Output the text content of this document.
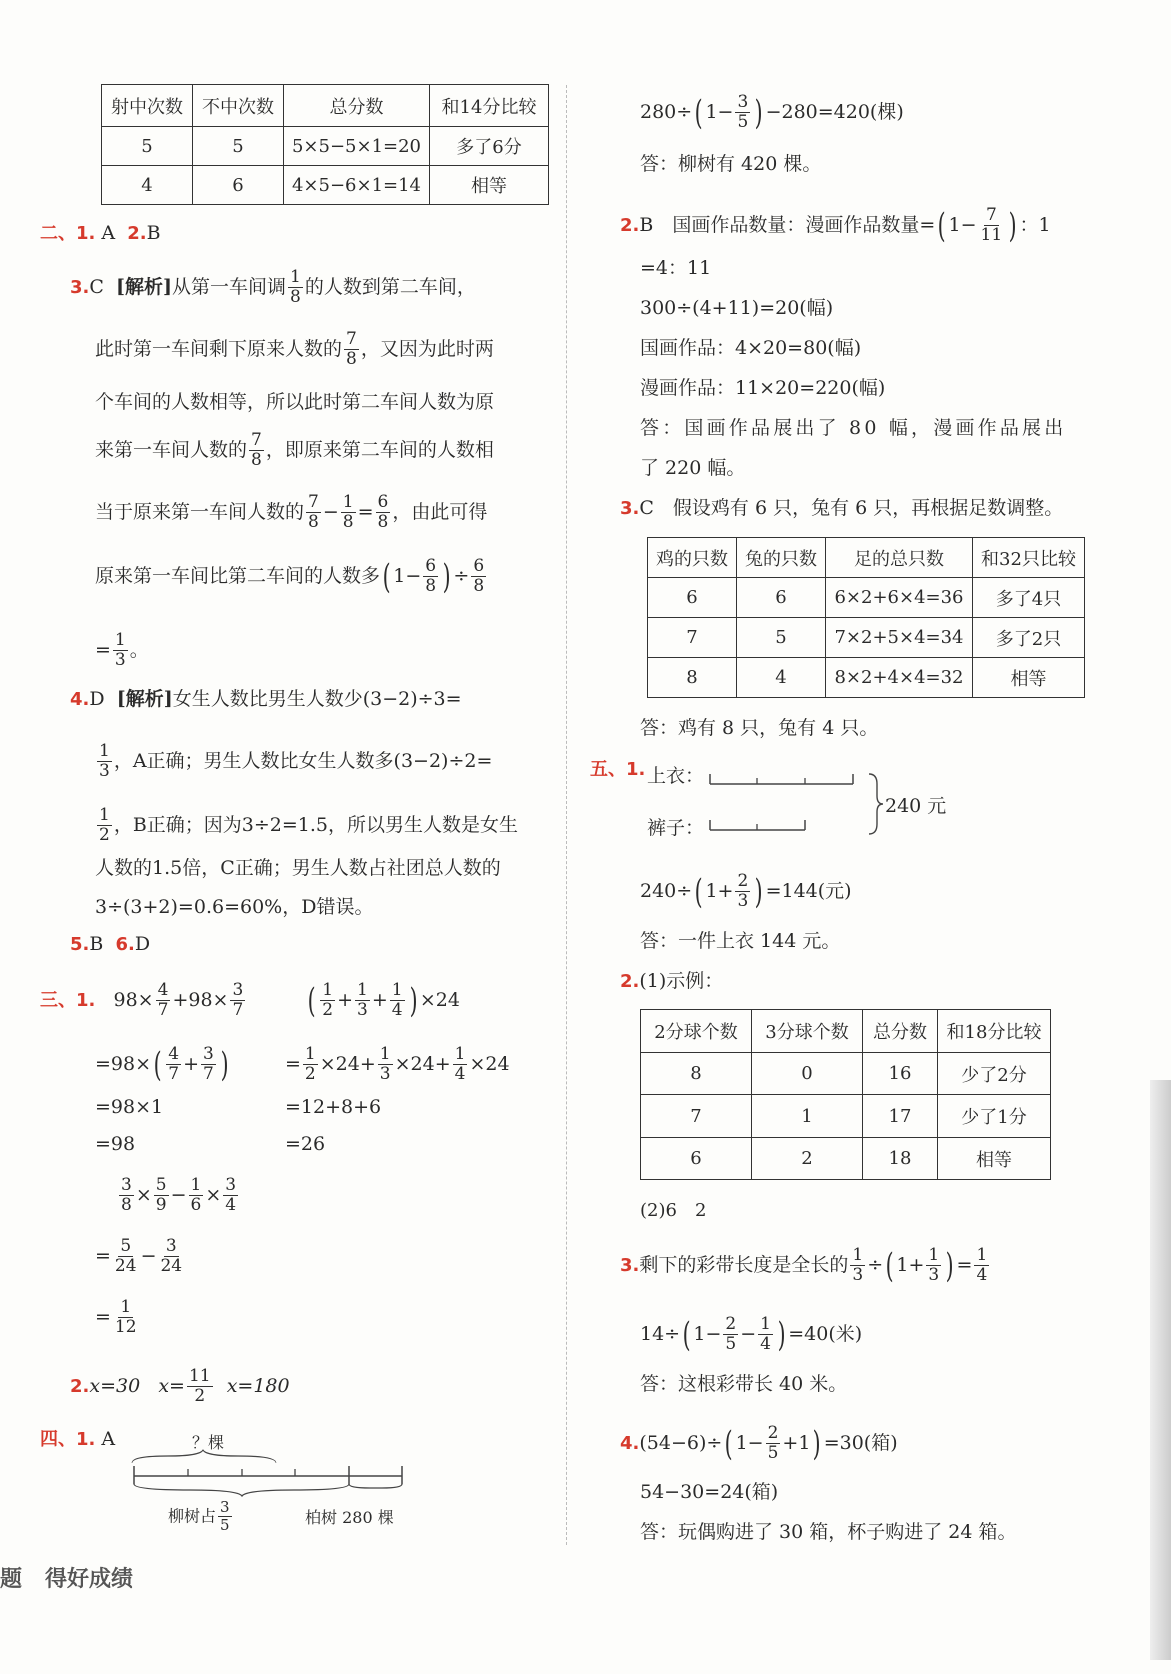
射中次数	不中次数	总分数	和14分比较
5	5	5×5−5×1=20	多了6分
4	6	4×5−6×1=14	相等
二、1. A 2.B
3.C [解析]从第一车间调 $\frac{1}{8}$ 的人数到第二车间，
此时第一车间剩下原来人数的 $\frac{7}{8}$ ，又因为此时两
个车间的人数相等，所以此时第二车间人数为原
来第一车间人数的 $\frac{7}{8}$ ，即原来第二车间的人数相
当于原来第一车间人数的 $\frac{7}{8} - \frac{1}{8} = \frac{6}{8}$ ，由此可得
原来第一车间比第二车间的人数多( $1- \frac{6}{8}$ ) ÷ $\frac{6}{8}$
= $\frac{1}{3}$ 。
4.D [解析]女生人数比男生人数少(3−2)÷3=
$\frac{1}{3}$ ，A正确；男生人数比女生人数多(3−2)÷2=
$\frac{1}{2}$ ，B正确；因为3÷2=1.5，所以男生人数是女生
人数的1.5倍，C正确；男生人数占社团总人数的
3÷(3+2)=0.6=60%，D错误。
5.B 6.D
三、1. $98\times \frac{4}{7} +98\times \frac{3}{7}$ ( $\frac{1}{2} + \frac{1}{3} + \frac{1}{4}$ ) ×24
$=98\times( \frac{4}{7} + \frac{3}{7}$ )	= $\frac{1}{2} \times 24+ \frac{1}{3} \times 24+ \frac{1}{4} \times 24$
=98×1	=12+8+6
=98	=26
$\frac{3}{8} \times \frac{5}{9} - \frac{1}{6} \times \frac{3}{4}$
= $\frac{5}{24} - \frac{3}{24}$
= $\frac{1}{12}$
2.x=30 $x= \frac{11}{2} x=180$
四、1. A	？棵
柳树占 $\frac{3}{5}$	柏树 280 棵
题 得好成绩
280÷( $1- \frac{3}{5}$ ) −280=420(棵)
答：柳树有 420 棵。
2.B　国画作品数量：漫画作品数量=( $1- \frac{7}{11}$ ) ：1
=4：11
300÷(4+11)=20(幅)
国画作品：4×20=80(幅)
漫画作品：11×20=220(幅)
答：国画作品展出了 80 幅，漫画作品展出
了 220 幅。
3.C　假设鸡有 6 只，兔有 6 只，再根据足数调整。
鸡的只数	兔的只数	足的总只数	和32只比较
6	6	6×2+6×4=36	多了4只
7	5	7×2+5×4=34	多了2只
8	4	8×2+4×4=32	相等
答：鸡有 8 只，兔有 4 只。
五、1. 上衣：
裤子：
240 元
240÷( $1+ \frac{2}{3}$ ) =144(元)
答：一件上衣 144 元。
2.(1)示例：
2分球个数	3分球个数	总分数	和18分比较
8	0	16	少了2分
7	1	17	少了1分
6	2	18	相等
(2)6　2
3.剩下的彩带长度是全长的 $\frac{1}{3}$ ÷( $1+ \frac{1}{3}$ ) = $\frac{1}{4}$
14÷( $1- \frac{2}{5} - \frac{1}{4}$ ) =40(米)
答：这根彩带长 40 米。
4.(54−6)÷( $1- \frac{2}{5} +1) =30$(箱)
54−30=24(箱)
答：玩偶购进了 30 箱，杯子购进了 24 箱。
